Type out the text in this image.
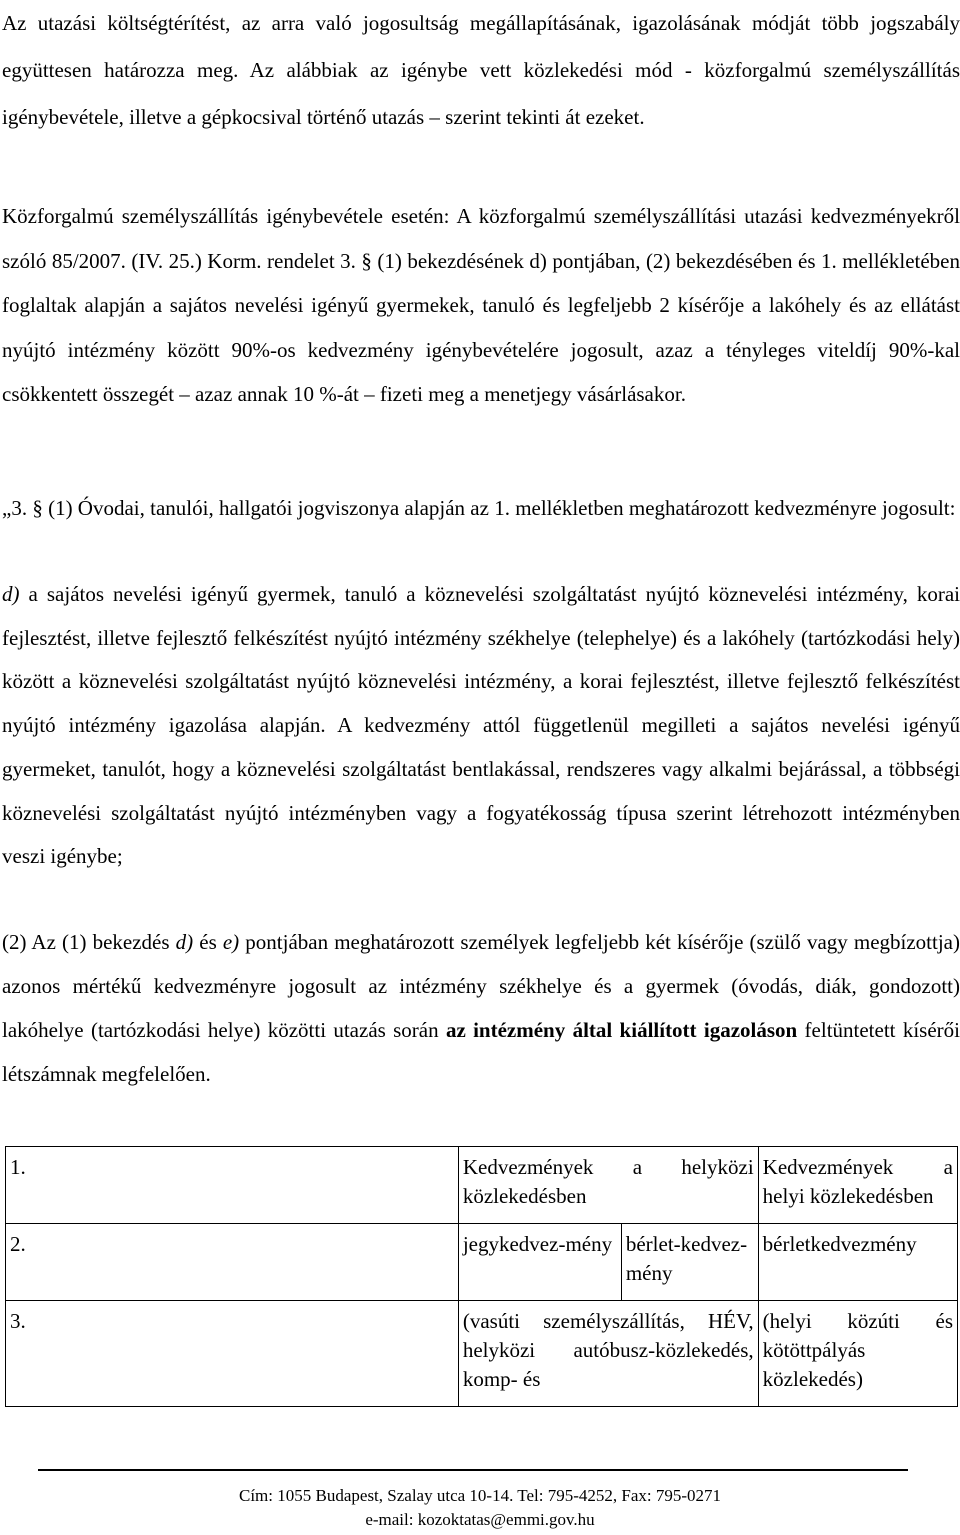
Az utazási költségtérítést, az arra való jogosultság megállapításának, igazolásának módját több jogszabály együttesen határozza meg. Az alábbiak az igénybe vett közlekedési mód - közforgalmú személyszállítás igénybevétele, illetve a gépkocsival történő utazás – szerint tekinti át ezeket.

Közforgalmú személyszállítás igénybevétele esetén: A közforgalmú személyszállítási utazási kedvezményekről szóló 85/2007. (IV. 25.) Korm. rendelet 3. § (1) bekezdésének d) pontjában, (2) bekezdésében és 1. mellékletében foglaltak alapján a sajátos nevelési igényű gyermekek, tanuló és legfeljebb 2 kísérője a lakóhely és az ellátást nyújtó intézmény között 90%-os kedvezmény igénybevételére jogosult, azaz a tényleges viteldíj 90%-kal csökkentett összegét – azaz annak 10 %-át – fizeti meg a menetjegy vásárlásakor.

„3. § (1) Óvodai, tanulói, hallgatói jogviszonya alapján az 1. mellékletben meghatározott kedvezményre jogosult:

d) a sajátos nevelési igényű gyermek, tanuló a köznevelési szolgáltatást nyújtó köznevelési intézmény, korai fejlesztést, illetve fejlesztő felkészítést nyújtó intézmény székhelye (telephelye) és a lakóhely (tartózkodási hely) között a köznevelési szolgáltatást nyújtó köznevelési intézmény, a korai fejlesztést, illetve fejlesztő felkészítést nyújtó intézmény igazolása alapján. A kedvezmény attól függetlenül megilleti a sajátos nevelési igényű gyermeket, tanulót, hogy a köznevelési szolgáltatást bentlakással, rendszeres vagy alkalmi bejárással, a többségi köznevelési szolgáltatást nyújtó intézményben vagy a fogyatékosság típusa szerint létrehozott intézményben veszi igénybe;

(2) Az (1) bekezdés d) és e) pontjában meghatározott személyek legfeljebb két kísérője (szülő vagy megbízottja) azonos mértékű kedvezményre jogosult az intézmény székhelye és a gyermek (óvodás, diák, gondozott) lakóhelye (tartózkodási helye) közötti utazás során az intézmény által kiállított igazoláson feltüntetett kísérői létszámnak megfelelően.

1.	Kedvezmények a helyközi közlekedésben		Kedvezmények a helyi közlekedésben
2.	jegykedvez-mény	bérlet-kedvez-mény	bérletkedvezmény
3.	(vasúti személyszállítás, HÉV, helyközi autóbusz-közlekedés, komp- és		(helyi közúti és kötöttpályás közlekedés)
Cím: 1055 Budapest, Szalay utca 10-14. Tel: 795-4252, Fax: 795-0271
e-mail: kozoktatas@emmi.gov.hu
